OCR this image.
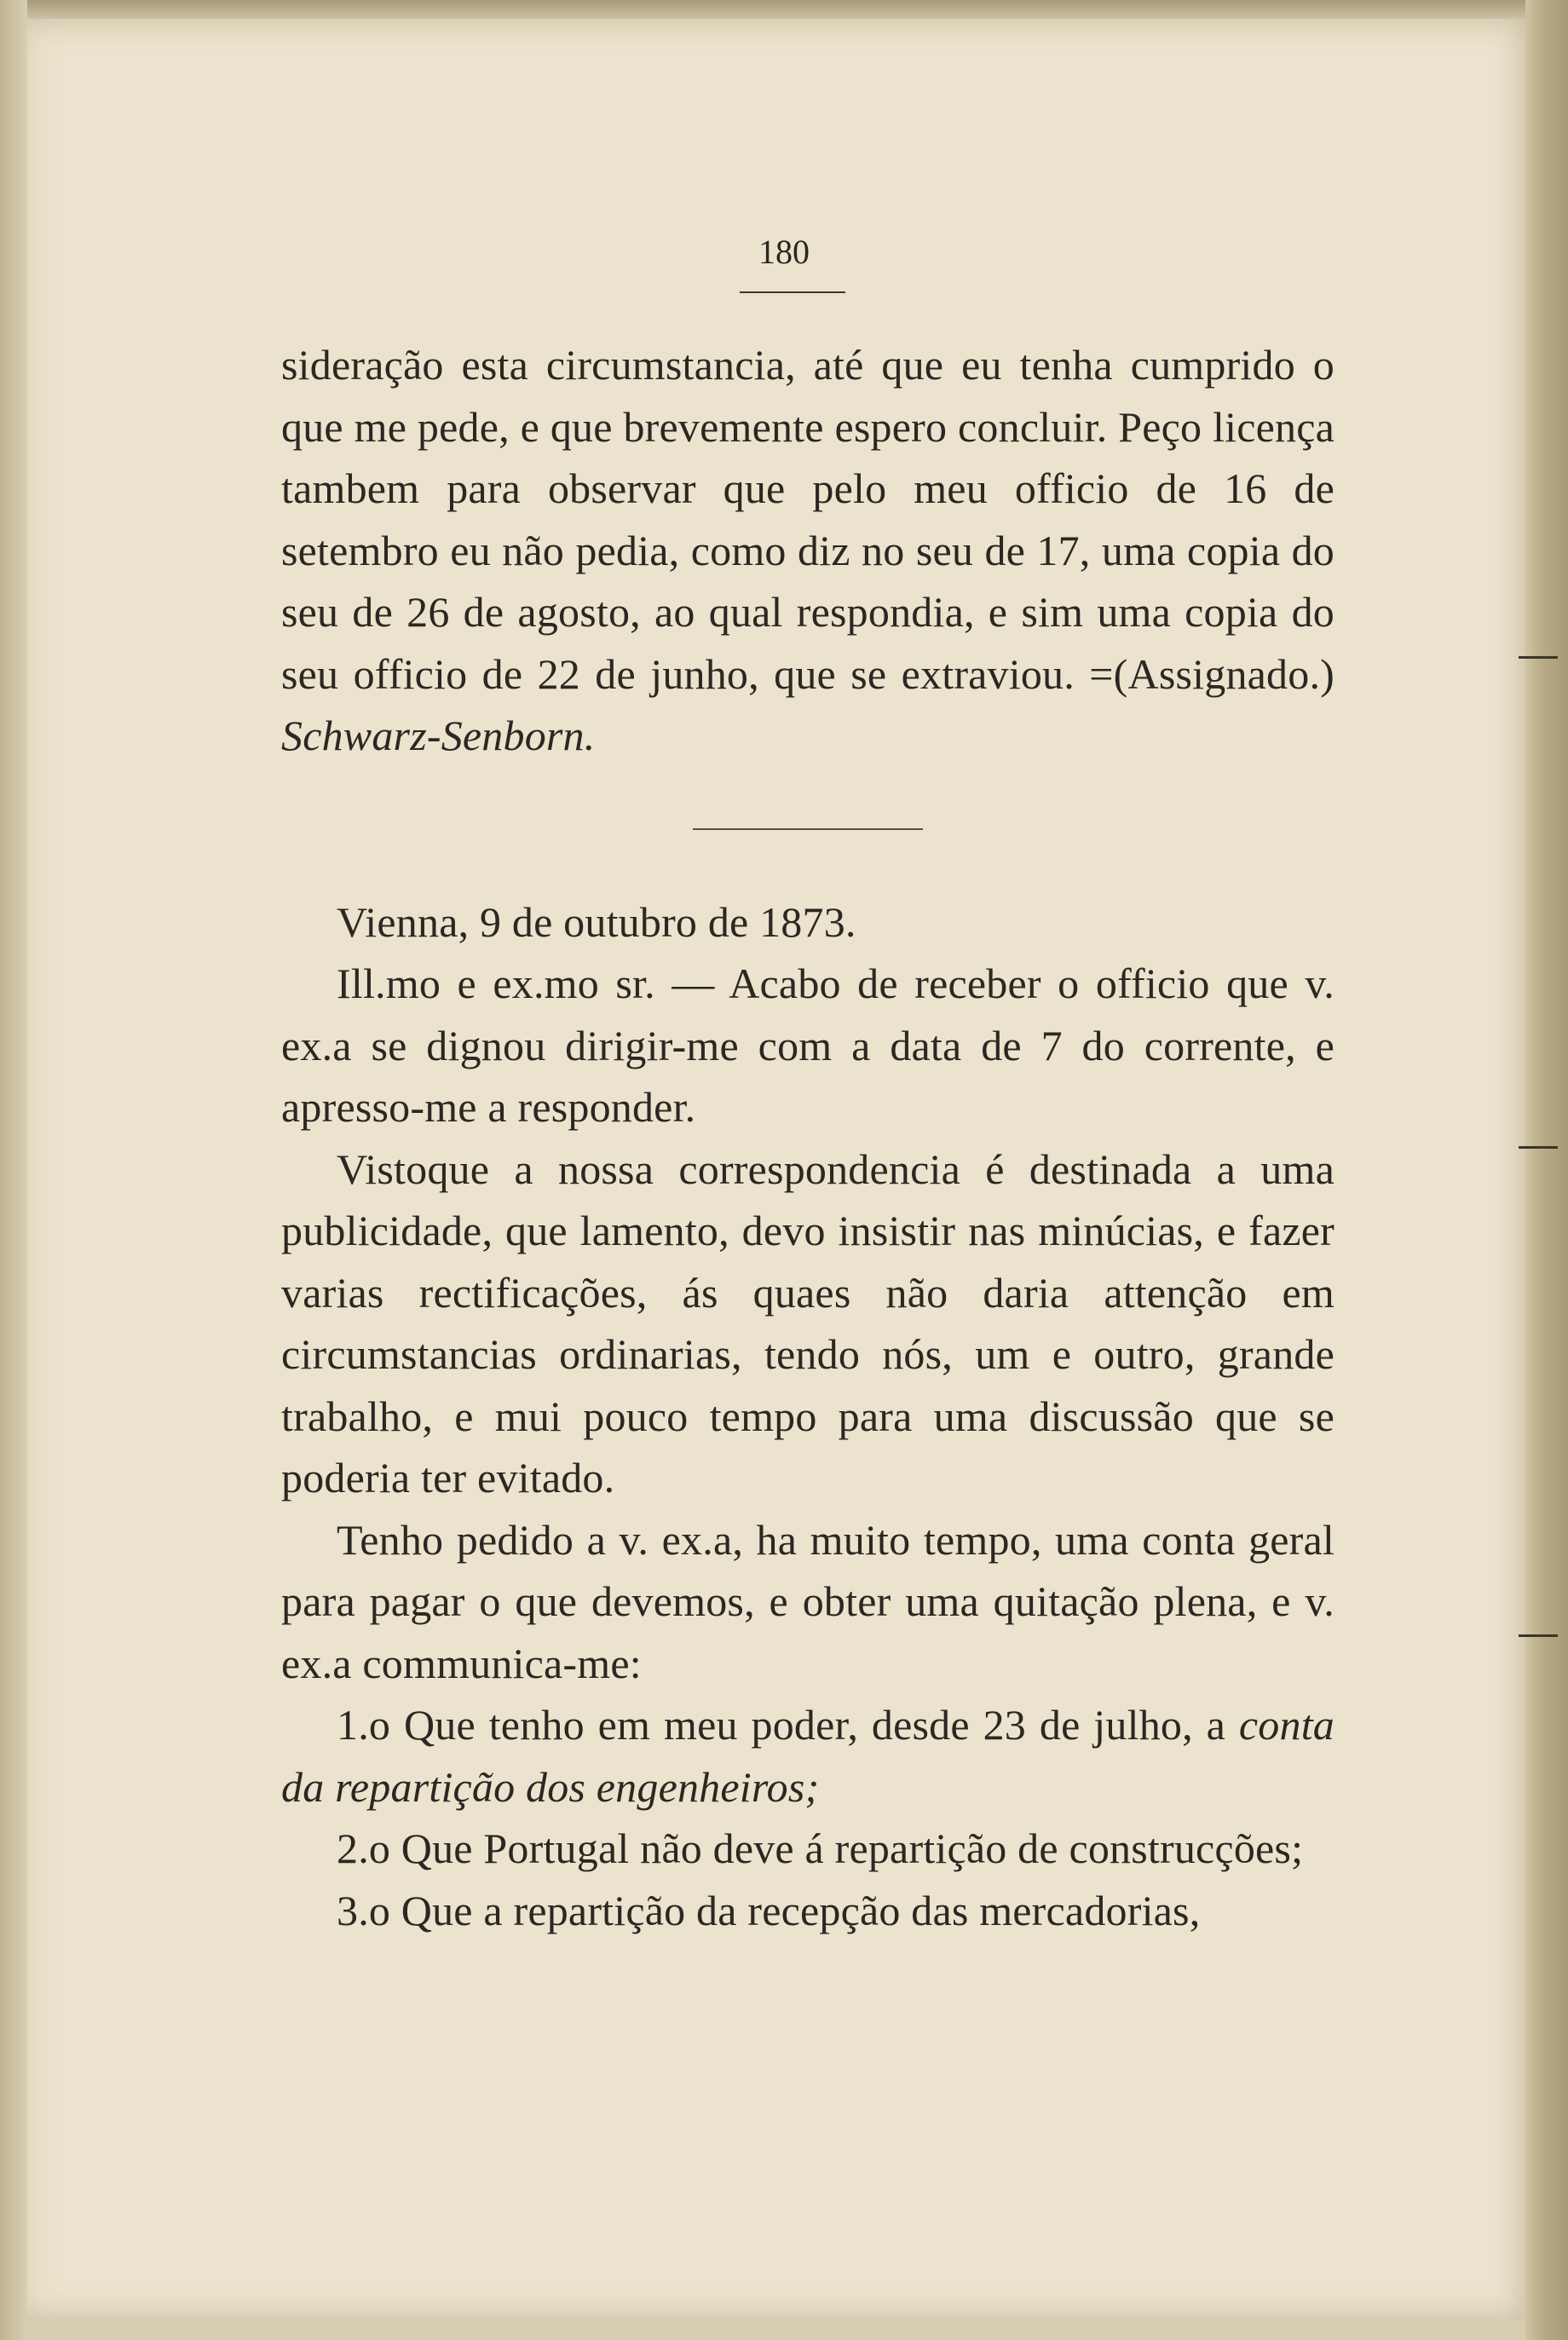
180

sideração esta circumstancia, até que eu tenha cumprido o que me pede, e que brevemente espero concluir. Peço licença tambem para observar que pelo meu officio de 16 de setembro eu não pedia, como diz no seu de 17, uma copia do seu de 26 de agosto, ao qual respondia, e sim uma copia do seu officio de 22 de junho, que se extraviou. =(Assignado.) Schwarz-Senborn.

Vienna, 9 de outubro de 1873.

Ill.mo e ex.mo sr. — Acabo de receber o officio que v. ex.a se dignou dirigir-me com a data de 7 do corrente, e apresso-me a responder.

Vistoque a nossa correspondencia é destinada a uma publicidade, que lamento, devo insistir nas minúcias, e fazer varias rectificações, ás quaes não daria attenção em circumstancias ordinarias, tendo nós, um e outro, grande trabalho, e mui pouco tempo para uma discussão que se poderia ter evitado.

Tenho pedido a v. ex.a, ha muito tempo, uma conta geral para pagar o que devemos, e obter uma quitação plena, e v. ex.a communica-me:

1.o Que tenho em meu poder, desde 23 de julho, a conta da repartição dos engenheiros;

2.o Que Portugal não deve á repartição de construcções;

3.o Que a repartição da recepção das mercadorias,
